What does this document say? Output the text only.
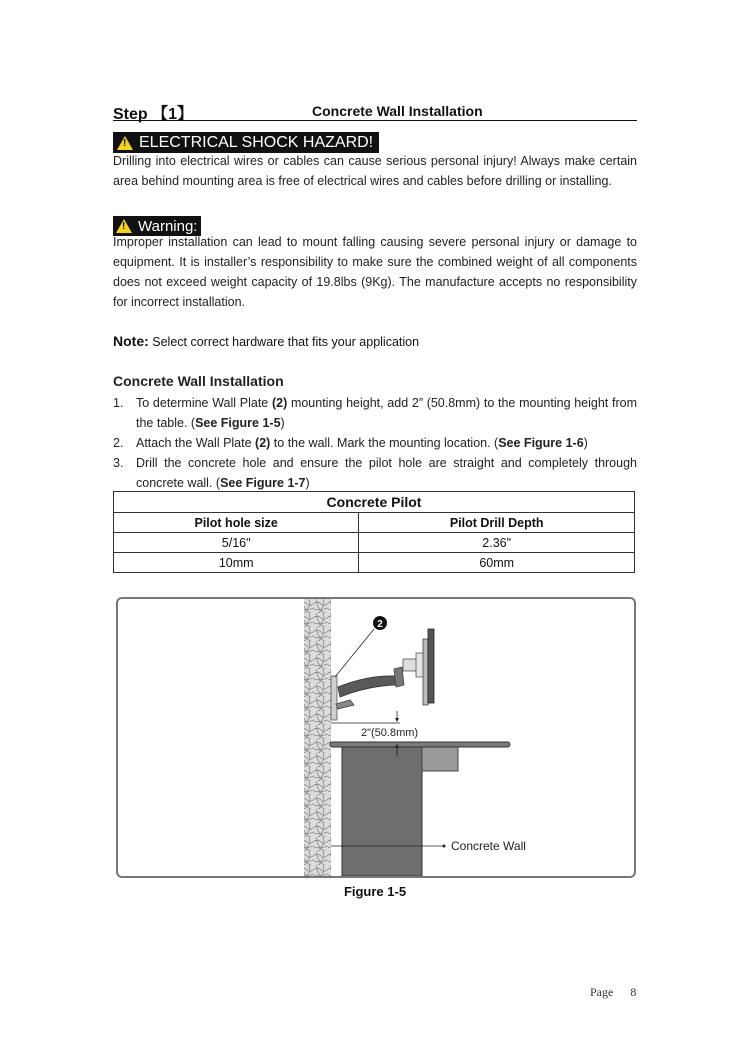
Step 【1】	Concrete Wall Installation
!
ELECTRICAL SHOCK HAZARD!
Drilling into electrical wires or cables can cause serious personal injury! Always make certain area behind mounting area is free of electrical wires and cables before drilling or installing.
!
Warning:
Improper installation can lead to mount falling causing severe personal injury or damage to equipment. It is installer’s responsibility to make sure the combined weight of all components does not exceed weight capacity of 19.8lbs (9Kg). The manufacture accepts no responsibility for incorrect installation.
Note: Select correct hardware that fits your application
Concrete Wall Installation
1. To determine Wall Plate (2) mounting height, add 2” (50.8mm) to the mounting height from the table. (See Figure 1-5)
2. Attach the Wall Plate (2) to the wall. Mark the mounting location. (See Figure 1-6)
3. Drill the concrete hole and ensure the pilot hole are straight and completely through concrete wall. (See Figure 1-7)
Concrete Pilot	
Pilot hole size	Pilot Drill Depth
5/16"	2.36"
10mm	60mm
2
2"(50.8mm)
Concrete Wall
Figure 1-5
Page 8
